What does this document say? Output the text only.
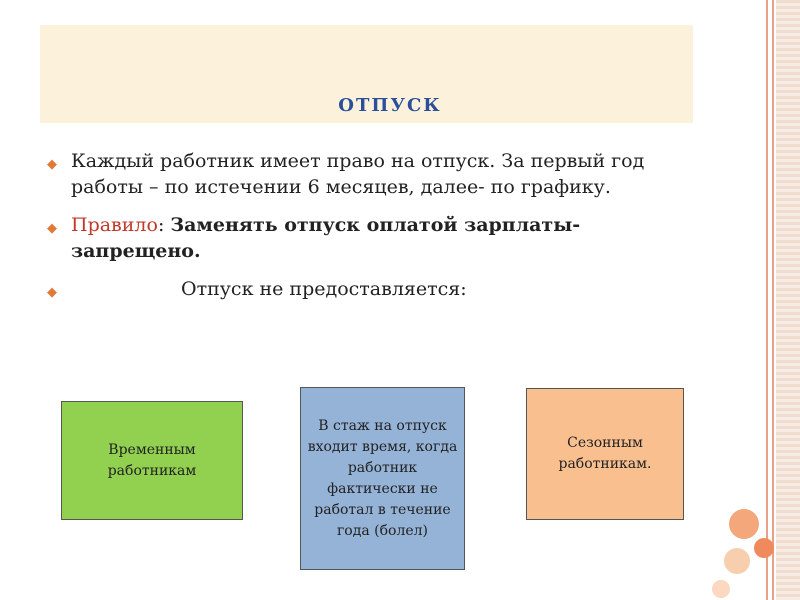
ОТПУСК
◆ Каждый работник имеет право на отпуск. За первый год работы – по истечении 6 месяцев, далее- по графику.
◆ Правило: Заменять отпуск оплатой зарплаты- запрещено.
◆	Отпуск не предоставляется:
Временным работникам
В стаж на отпуск входит время, когда работник фактически не работал в течение года (болел)
Сезонным работникам.
